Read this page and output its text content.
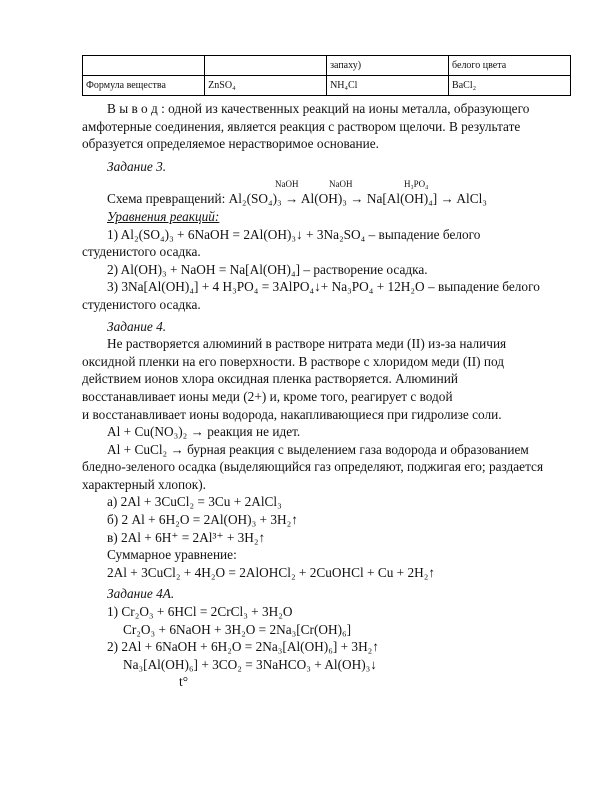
		запаху)	белого цвета
Формула вещества	ZnSO₄	NH₄Cl	BaCl₂

В ы в о д : одной из качественных реакций на ионы металла, образующего

амфотерные соединения, является реакция с раствором щелочи. В результате

образуется определяемое нерастворимое основание.

Задание 3.

NaOH	NaOH	H₃PO₄

Схема превращений: Al₂(SO₄)₃ → Al(OH)₃ → Na[Al(OH)₄] → AlCl₃

Уравнения реакций:

1) Al₂(SO₄)₃ + 6NaOH = 2Al(OH)₃↓ + 3Na₂SO₄ – выпадение белого

студенистого осадка.

2) Al(OH)₃ + NaOH = Na[Al(OH)₄] – растворение осадка.

3) 3Na[Al(OH)₄] + 4 H₃PO₄ = 3AlPO₄↓+ Na₃PO₄ + 12H₂O – выпадение белого

студенистого осадка.

Задание 4.

Не растворяется алюминий в растворе нитрата меди (II) из-за наличия

оксидной пленки на его поверхности. В растворе с хлоридом меди (II) под

действием ионов хлора оксидная пленка растворяется. Алюминий

восстанавливает ионы меди (2+) и, кроме того, реагирует с водой

и восстанавливает ионы водорода, накапливающиеся при гидролизе соли.

Al + Cu(NO₃)₂ → реакция не идет.

Al + CuCl₂ → бурная реакция с выделением газа водорода и образованием

бледно-зеленого осадка (выделяющийся газ определяют, поджигая его; раздается

характерный хлопок).

а) 2Al + 3CuCl₂ = 3Cu + 2AlCl₃

б) 2 Al + 6H₂O = 2Al(OH)₃ + 3H₂↑

в) 2Al + 6H⁺ = 2Al³⁺ + 3H₂↑

Суммарное уравнение:

2Al + 3CuCl₂ + 4H₂O = 2AlOHCl₂ + 2CuOHCl + Cu + 2H₂↑

Задание 4А.

1) Cr₂O₃ + 6HCl = 2CrCl₃ + 3H₂O

Cr₂O₃ + 6NaOH + 3H₂O = 2Na₃[Cr(OH)₆]

2) 2Al + 6NaOH + 6H₂O = 2Na₃[Al(OH)₆] + 3H₂↑

Na₃[Al(OH)₆] + 3CO₂ = 3NaHCO₃ + Al(OH)₃↓

t°
